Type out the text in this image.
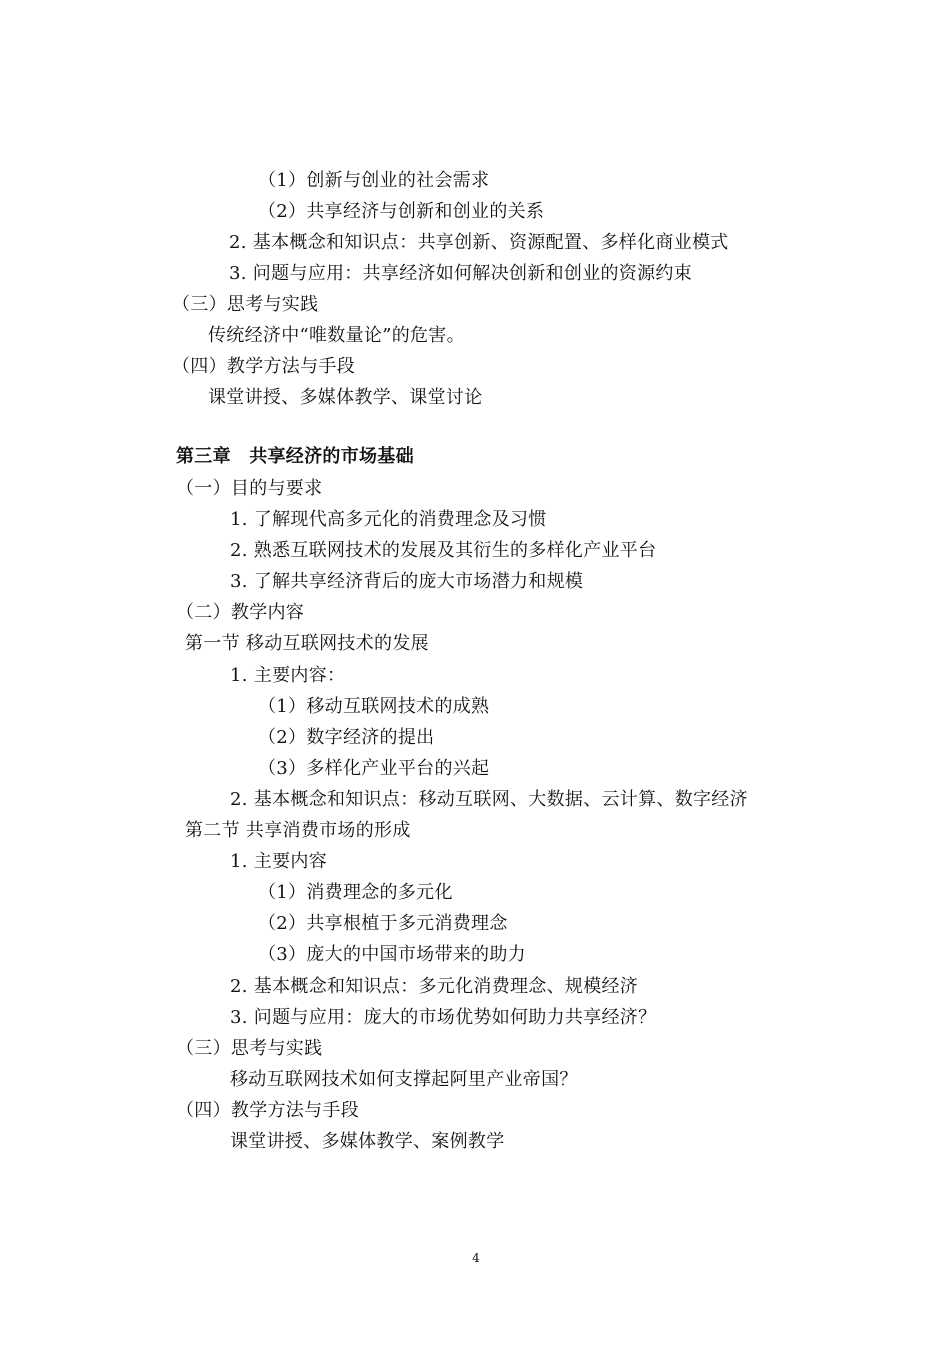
（1）创新与创业的社会需求
（2）共享经济与创新和创业的关系
2. 基本概念和知识点：共享创新、资源配置、多样化商业模式
3. 问题与应用：共享经济如何解决创新和创业的资源约束
（三）思考与实践
传统经济中“唯数量论”的危害。
（四）教学方法与手段
课堂讲授、多媒体教学、课堂讨论
第三章　共享经济的市场基础
（一）目的与要求
1. 了解现代高多元化的消费理念及习惯
2. 熟悉互联网技术的发展及其衍生的多样化产业平台
3. 了解共享经济背后的庞大市场潜力和规模
（二）教学内容
第一节 移动互联网技术的发展
1. 主要内容：
（1）移动互联网技术的成熟
（2）数字经济的提出
（3）多样化产业平台的兴起
2. 基本概念和知识点：移动互联网、大数据、云计算、数字经济
第二节 共享消费市场的形成
1. 主要内容
（1）消费理念的多元化
（2）共享根植于多元消费理念
（3）庞大的中国市场带来的助力
2. 基本概念和知识点：多元化消费理念、规模经济
3. 问题与应用：庞大的市场优势如何助力共享经济？
（三）思考与实践
移动互联网技术如何支撑起阿里产业帝国？
（四）教学方法与手段
课堂讲授、多媒体教学、案例教学
4
